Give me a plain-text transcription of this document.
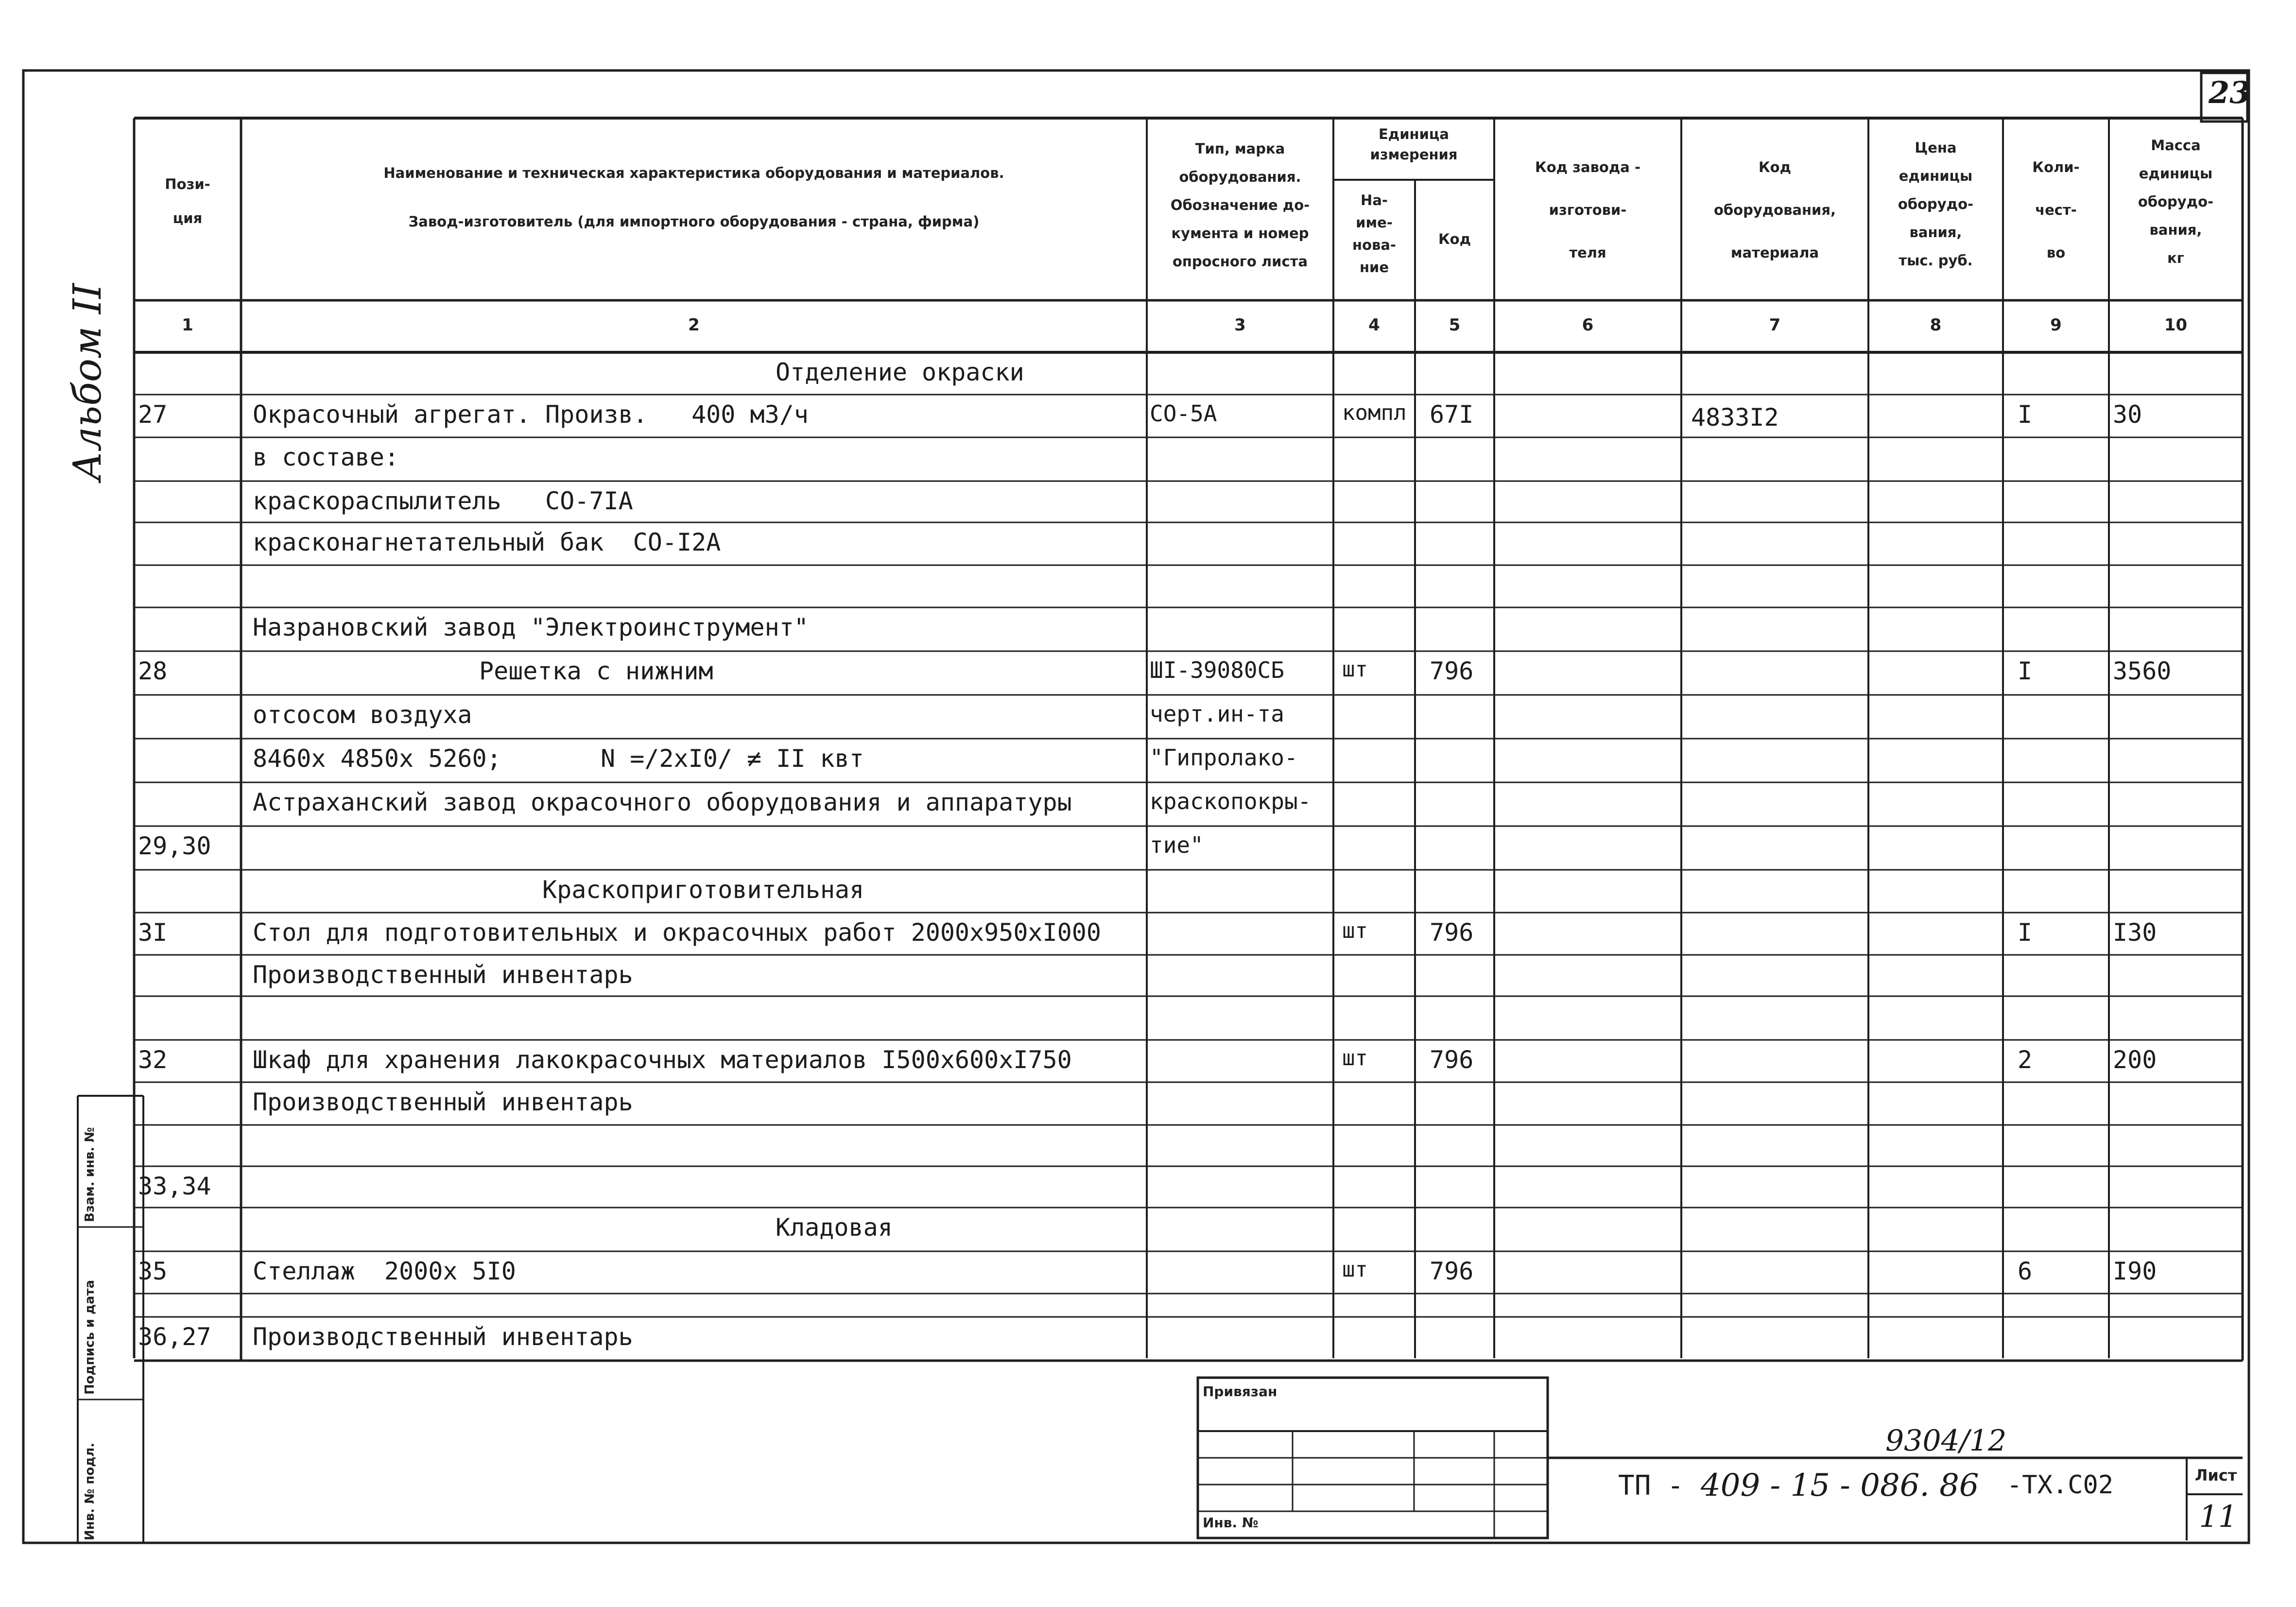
Пози-
ция
Наименование и техническая характеристика оборудования и материалов.
Завод-изготовитель (для импортного оборудования - страна, фирма)
Тип, марка
оборудования.
Обозначение до-
кумента и номер
опросного листа
Единица
измерения
На-
име-
нова-
ние
Код
Код завода -
изготови-
теля
Код
оборудования,
материала
Цена
единицы
оборудо-
вания,
тыс. руб.
Коли-
чест-
во
Масса
единицы
оборудо-
вания,
кг
1	2	3	4	5	6	7	8	9	10
Отделение окраски
27	Окрасочный агрегат. Произв.   400 м3/ч	СО-5А	компл 67I	4833I2	I	30
в составе:
краскораспылитель   СО-7IA
красконагнетательный бак  СО-I2A
Назрановский завод "Электроинструмент"
28	Решетка с нижним	ШI-39080СБ	шт	796	I	3560
отсосом воздуха	черт.ин-та
8460х 4850х 5260;	N =/2хI0/ ≠ II квт	"Гипролако-
Астраханский завод окрасочного оборудования и аппаратуры	краскопокры-
29,30	тие"
Краскоприготовительная
3I	Стол для подготовительных и окрасочных работ 2000х950хI000	шт	796	I	I30
Производственный инвентарь
32	Шкаф для хранения лакокрасочных материалов I500х600хI750	шт	796	2	200
Производственный инвентарь
33,34
Кладовая
35	Стеллаж  2000х 5I0	шт	796	6	I90
36,27 Производственный инвентарь
23
Альбом II
Инв. № подл.
Подпись и дата
Взам. инв. №
Привязан
Инв. №
9304/12
ТП - 409 - 15 - 086. 86 -ТХ.С02	Лист
11
